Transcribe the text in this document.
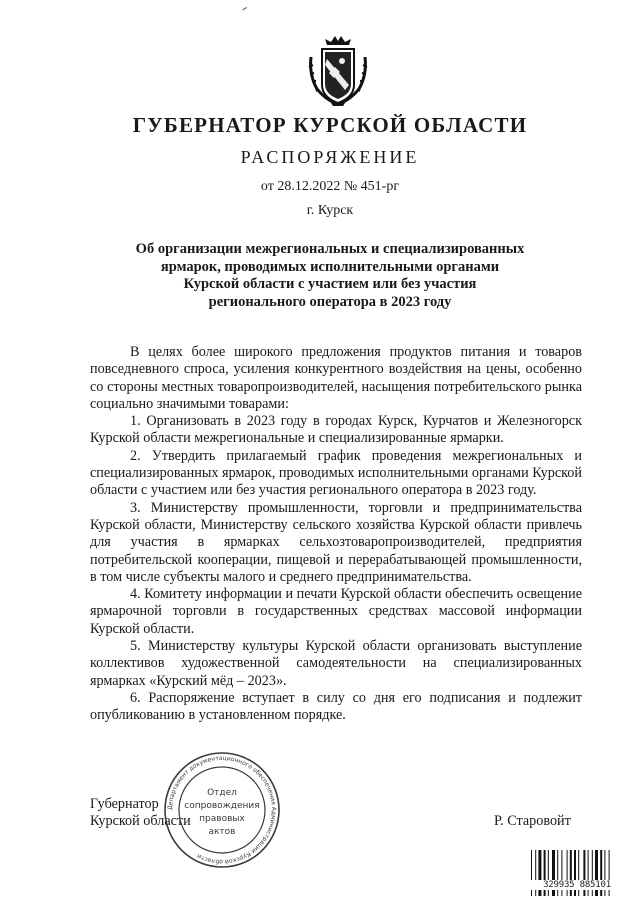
ГУБЕРНАТОР КУРСКОЙ ОБЛАСТИ
РАСПОРЯЖЕНИЕ
от 28.12.2022 № 451-рг
г. Курск
Об организации межрегиональных и специализированных
ярмарок, проводимых исполнительными органами
Курской области с участием или без участия
регионального оператора в 2023 году

В целях более широкого предложения продуктов питания и товаров повседневного спроса, усиления конкурентного воздействия на цены, особенно со стороны местных товаропроизводителей, насыщения потребительского рынка социально значимыми товарами:

1. Организовать в 2023 году в городах Курск, Курчатов и Железногорск Курской области межрегиональные и специализированные ярмарки.

2. Утвердить прилагаемый график проведения межрегиональных и специализированных ярмарок, проводимых исполнительными органами Курской области с участием или без участия регионального оператора в 2023 году.

3. Министерству промышленности, торговли и предпринимательства Курской области, Министерству сельского хозяйства Курской области привлечь для участия в ярмарках сельхозтоваропроизводителей, предприятия потребительской кооперации, пищевой и перерабатывающей промышленности, в том числе субъекты малого и среднего предпринимательства.

4. Комитету информации и печати Курской области обеспечить освещение ярмарочной торговли в государственных средствах массовой информации Курской области.

5. Министерству культуры Курской области организовать выступление коллективов художественной самодеятельности на специализированных ярмарках «Курский мёд – 2023».

6. Распоряжение вступает в силу со дня его подписания и подлежит опубликованию в установленном порядке.

Губернатор
Курской области	Р. Старовойт
Департамент документационного обеспечения Администрации Курской области
Отдел
сопровождения
правовых
актов
329935 885101
